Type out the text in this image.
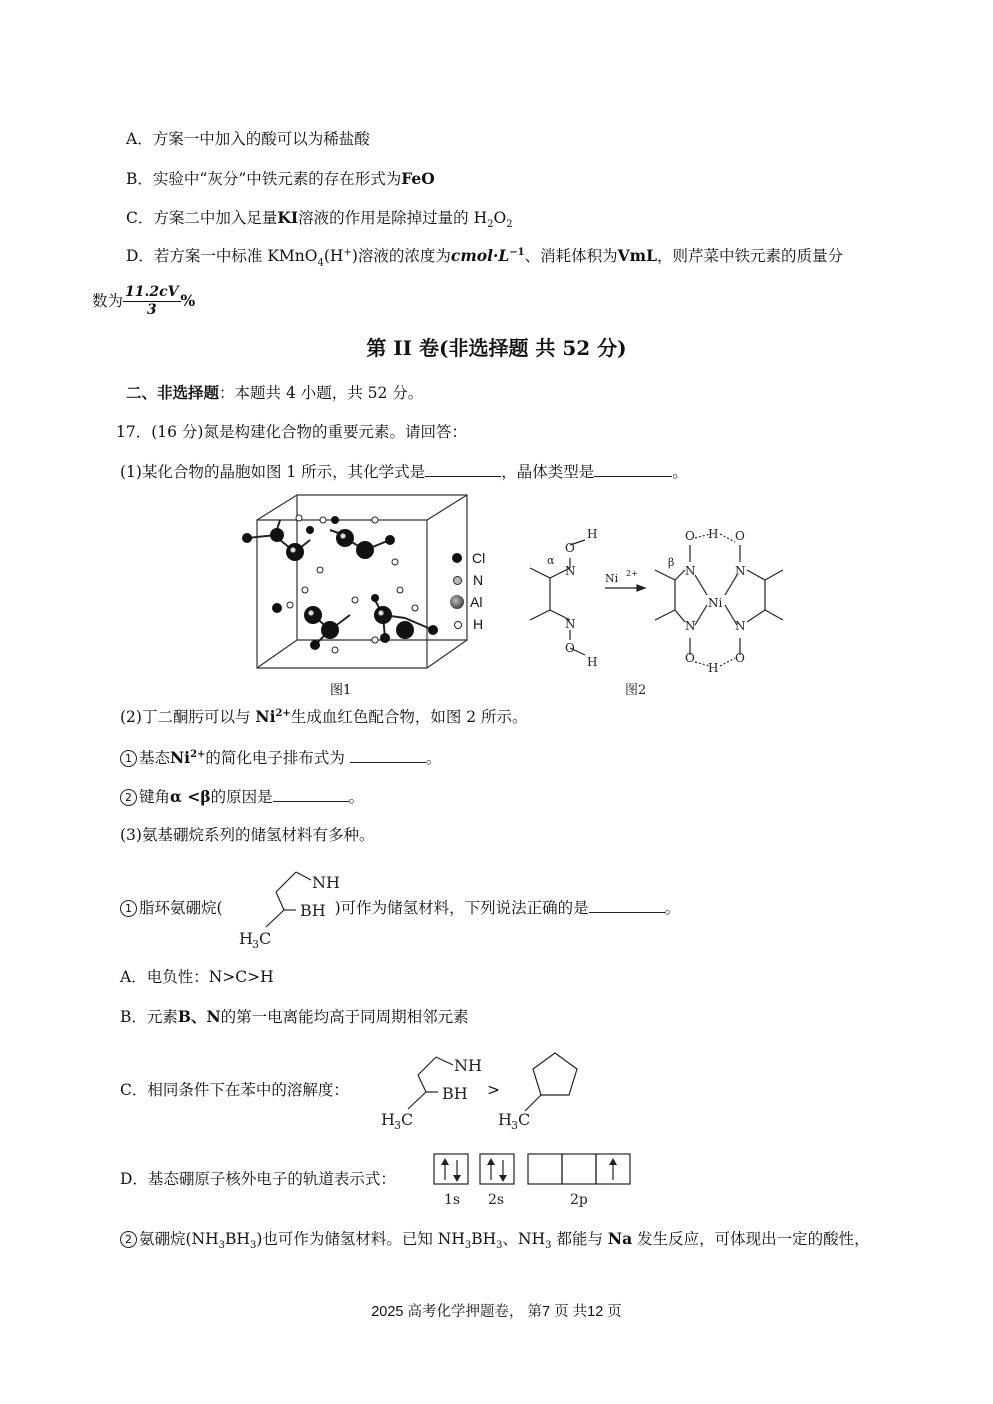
A．方案一中加入的酸可以为稀盐酸
B．实验中“灰分”中铁元素的存在形式为FeO
C．方案二中加入足量KI溶液的作用是除掉过量的 $H_2O_2$
D．若方案一中标准 KMnO$_4$(H+)溶液的浓度为$cmol\cdot L^{-1}$、消耗体积为VmL，则芹菜中铁元素的质量分
数为 $\frac{11.2cV}{3}$ %
第 II 卷(非选择题 共 52 分)
二、非选择题：本题共 4 小题，共 52 分。
17．(16 分)氮是构建化合物的重要元素。请回答：
(1)某化合物的晶胞如图 1 所示，其化学式是	，晶体类型是	。
图1
Cl
N
Al
H
H
O
N
α
N
O
H
Ni 2+	N
N
O
O
H
H
N
N
O
O
Ni
β
图2
(2)丁二酮肟可以与 $Ni^{2+}$生成血红色配合物，如图 2 所示。
1 基态$Ni^{2+}$的简化电子排布式为	。
2 键角α <β的原因是	。
(3)氨基硼烷系列的储氢材料有多种。
NH
BH
H 3 C
1 脂环氨硼烷(	)可作为储氢材料，下列说法正确的是	。
A．电负性：N>C>H
B．元素B、N的第一电离能均高于同周期相邻元素
NH
BH
H 3 C
>
H 3 C
C．相同条件下在苯中的溶解度：
D．基态硼原子核外电子的轨道表示式：
1s 2s	2p
2 氨硼烷$(NH_3BH_3)$也可作为储氢材料。已知 $NH_3BH_3$、$NH_3$ 都能与 Na 发生反应，可体现出一定的酸性，
2025 高考化学押题卷， 第7 页 共12 页
